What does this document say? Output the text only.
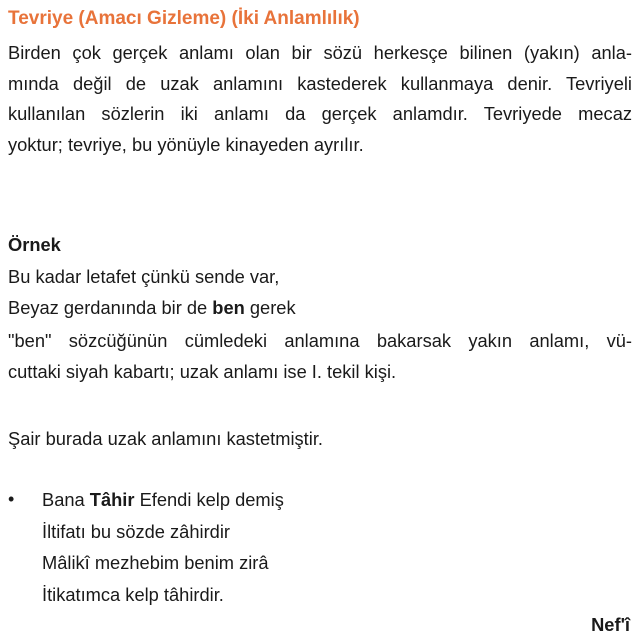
Tevriye (Amacı Gizleme) (İki Anlamlılık)
Birden çok gerçek anlamı olan bir sözü herkesçe bilinen (yakın) anla-
mında değil de uzak anlamını kastederek kullanmaya denir. Tevriyeli
kullanılan sözlerin iki anlamı da gerçek anlamdır. Tevriyede mecaz
yoktur; tevriye, bu yönüyle kinayeden ayrılır.
Örnek
Bu kadar letafet çünkü sende var,
Beyaz gerdanında bir de ben gerek
"ben" sözcüğünün cümledeki anlamına bakarsak yakın anlamı, vü-
cuttaki siyah kabartı; uzak anlamı ise I. tekil kişi.
Şair burada uzak anlamını kastetmiştir.
• Bana Tâhir Efendi kelp demiş
İltifatı bu sözde zâhirdir
Mâlikî mezhebim benim zirâ
İtikatımca kelp tâhirdir.
Nef'î
